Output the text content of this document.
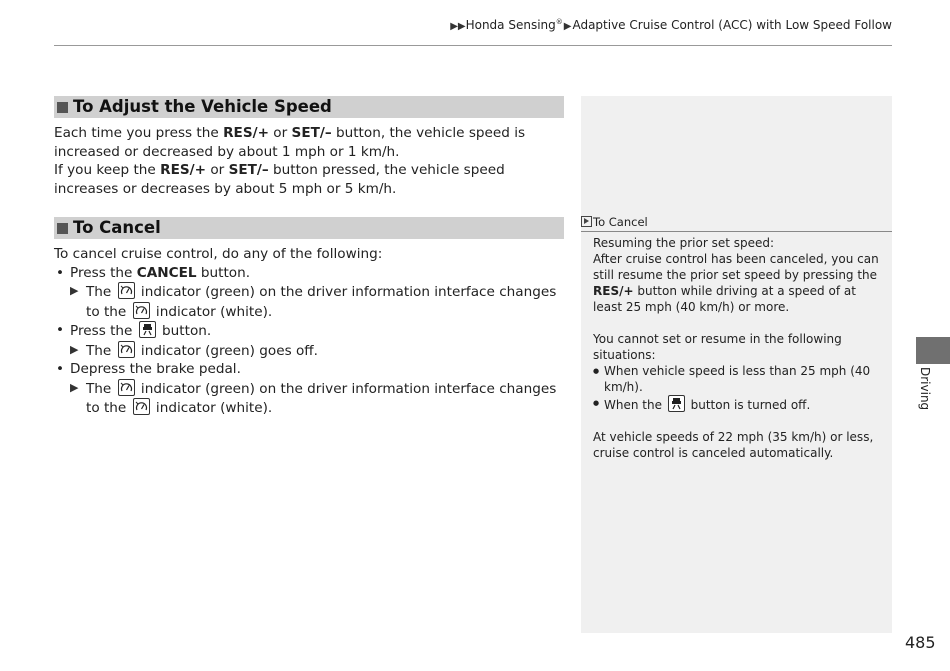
▶▶Honda Sensing®▶Adaptive Cruise Control (ACC) with Low Speed Follow
To Adjust the Vehicle Speed

Each time you press the RES/+ or SET/– button, the vehicle speed is increased or decreased by about 1 mph or 1 km/h.

If you keep the RES/+ or SET/– button pressed, the vehicle speed increases or decreases by about 5 mph or 5 km/h.

To Cancel

To cancel cruise control, do any of the following:

• Press the CANCEL button.

▶ The
indicator (green) on the driver information interface changes to the
indicator (white).

• Press the
button.

▶ The
indicator (green) goes off.

• Depress the brake pedal.

▶ The
indicator (green) on the driver information interface changes to the
indicator (white).

To Cancel

Resuming the prior set speed:

After cruise control has been canceled, you can still resume the prior set speed by pressing the RES/+ button while driving at a speed of at least 25 mph (40 km/h) or more.

You cannot set or resume in the following situations:

● When vehicle speed is less than 25 mph (40 km/h).

● When the
button is turned off.

At vehicle speeds of 22 mph (35 km/h) or less, cruise control is canceled automatically.

Driving
485
